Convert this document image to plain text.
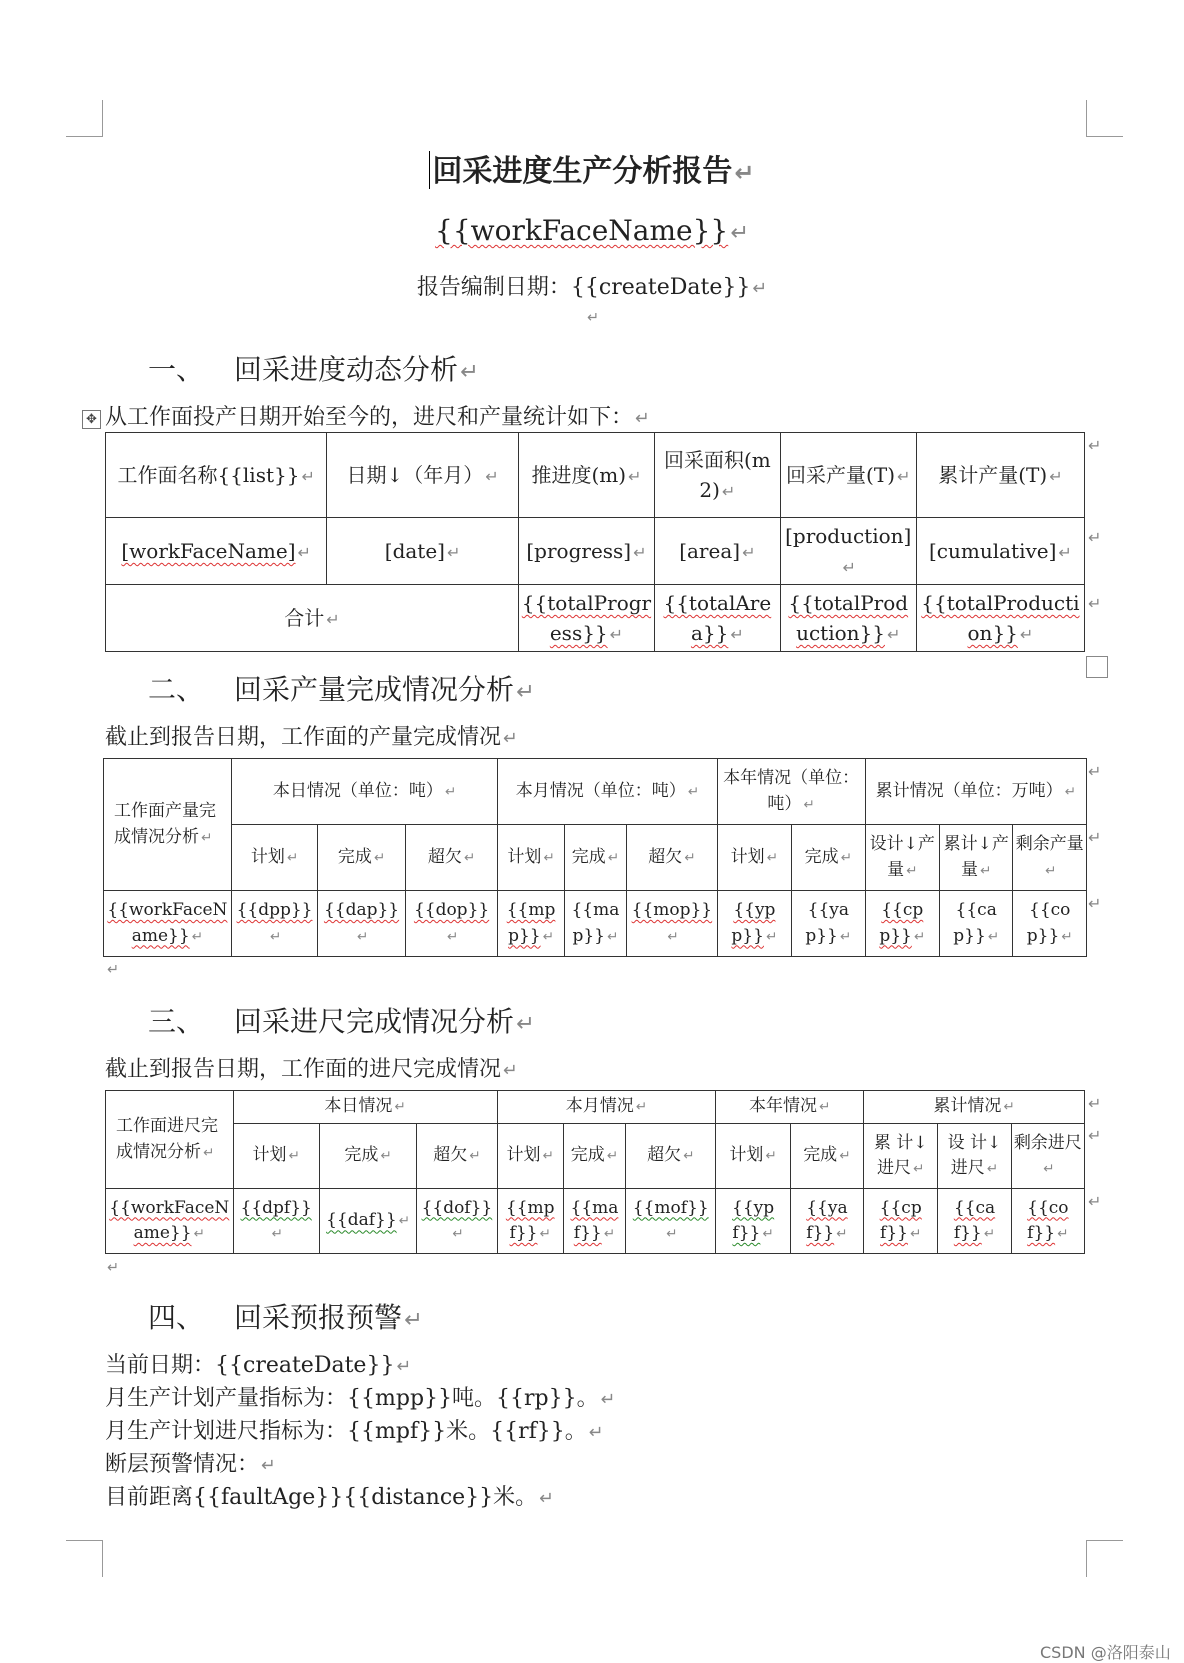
回采进度生产分析报告↵
{{workFaceName}}↵
报告编制日期：{{createDate}} ↵
↵
一、 回采进度动态分析↵
✥ 从工作面投产日期开始至今的，进尺和产量统计如下： ↵
工作面名称{{list}} ↵	日期↓（年月） ↵	推进度(m) ↵	回采面积(m2) ↵	回采产量(T) ↵	累计产量(T) ↵
[workFaceName] ↵	[date] ↵	[progress] ↵	[area] ↵	[production]↵	[cumulative] ↵
合计 ↵		{{totalProgress}} ↵	{{totalArea}} ↵	{{totalProduction}} ↵	{{totalProduction}} ↵
↵
↵
↵
二、 回采产量完成情况分析↵
截止到报告日期，工作面的产量完成情况 ↵
工作面产量完成情况分析 ↵	本日情况（单位：吨） ↵			本月情况（单位：吨） ↵			本年情况（单位：吨） ↵		累计情况（单位：万吨） ↵		
	计划 ↵	完成 ↵	超欠 ↵	计划 ↵	完成 ↵	超欠 ↵	计划 ↵	完成 ↵	设计↓产量 ↵	累计↓产量 ↵	剩余产量↵
{{workFaceName}} ↵	{{dpp}}↵	{{dap}}↵	{{dop}}↵	{{mpp}} ↵	{{map}} ↵	{{mop}}↵	{{ypp}} ↵	{{yap}} ↵	{{cpp}} ↵	{{cap}} ↵	{{cop}} ↵
↵
↵
↵
↵
三、 回采进尺完成情况分析↵
截止到报告日期，工作面的进尺完成情况 ↵
工作面进尺完成情况分析 ↵	本日情况 ↵			本月情况 ↵			本年情况 ↵		累计情况 ↵		
	计划 ↵	完成 ↵	超欠 ↵	计划 ↵	完成 ↵	超欠 ↵	计划 ↵	完成 ↵	累 计↓进尺 ↵	设 计↓进尺 ↵	剩余进尺↵
{{workFaceName}} ↵	{{dpf}}↵	{{daf}} ↵	{{dof}}↵	{{mpf}} ↵	{{maf}} ↵	{{mof}}↵	{{ypf}} ↵	{{yaf}} ↵	{{cpf}} ↵	{{caf}} ↵	{{cof}} ↵
↵
↵
↵
↵
四、 回采预报预警↵
当前日期：{{createDate}} ↵
月生产计划产量指标为：{{mpp}}吨。{{rp}}。 ↵
月生产计划进尺指标为：{{mpf}}米。{{rf}}。 ↵
断层预警情况： ↵
目前距离{{faultAge}}{{distance}}米。 ↵
CSDN @洛阳泰山
